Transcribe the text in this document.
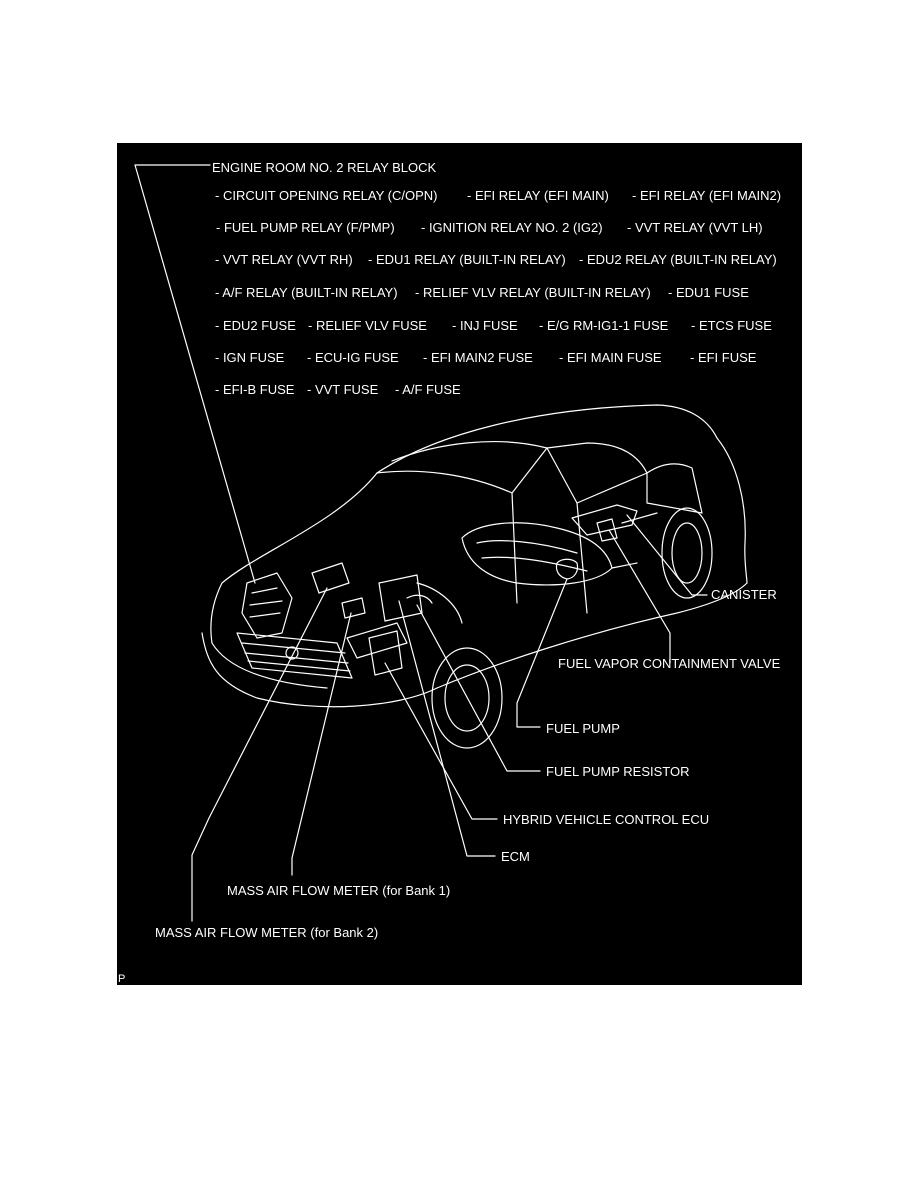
ENGINE ROOM NO. 2 RELAY BLOCK
- CIRCUIT OPENING RELAY (C/OPN) - EFI RELAY (EFI MAIN) - EFI RELAY (EFI MAIN2)
- FUEL PUMP RELAY (F/PMP) - IGNITION RELAY NO. 2 (IG2) - VVT RELAY (VVT LH)
- VVT RELAY (VVT RH) - EDU1 RELAY (BUILT-IN RELAY) - EDU2 RELAY (BUILT-IN RELAY)
- A/F RELAY (BUILT-IN RELAY) - RELIEF VLV RELAY (BUILT-IN RELAY) - EDU1 FUSE
- EDU2 FUSE - RELIEF VLV FUSE - INJ FUSE - E/G RM-IG1-1 FUSE - ETCS FUSE
- IGN FUSE - ECU-IG FUSE - EFI MAIN2 FUSE - EFI MAIN FUSE - EFI FUSE
- EFI-B FUSE - VVT FUSE - A/F FUSE
CANISTER
FUEL VAPOR CONTAINMENT VALVE
FUEL PUMP
FUEL PUMP RESISTOR
HYBRID VEHICLE CONTROL ECU
ECM
MASS AIR FLOW METER (for Bank 1)
MASS AIR FLOW METER (for Bank 2)
P
